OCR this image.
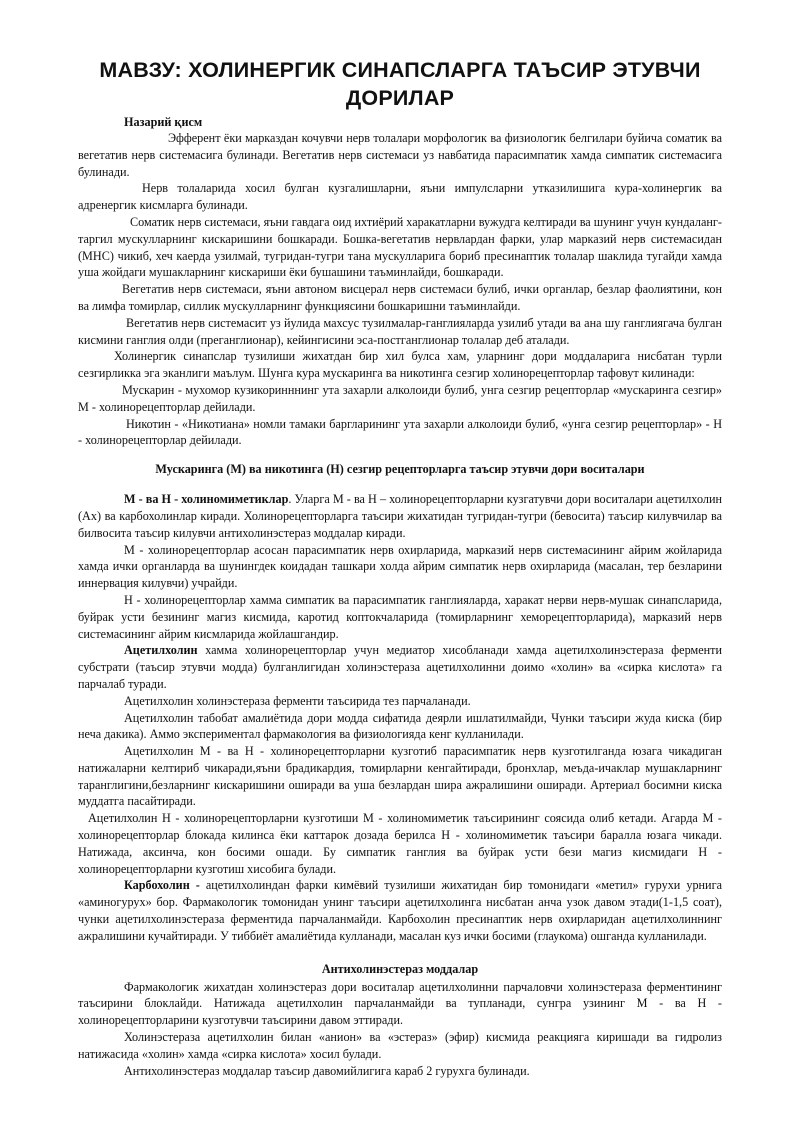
МАВЗУ: ХОЛИНЕРГИК СИНАПСЛАРГА ТАЪСИР ЭТУВЧИ ДОРИЛАР
Назарий қисм

Эфферент ёки марказдан кочувчи нерв толалари морфологик ва физиологик белгилари буйича соматик ва вегетатив нерв системасига булинади. Вегетатив нерв системаси уз навбатида парасимпатик хамда симпатик системасига булинади.

Нерв толаларида хосил булган кузгалишларни, яъни импулсларни утказилишига кура-холинергик ва адренергик кисмларга булинади.

Соматик нерв системаси, яъни гавдага оид ихтиёрий харакатларни вужудга келтиради ва шунинг учун кундаланг-таргил мускулларнинг кискаришини бошкаради. Бошка-вегетатив нервлардан фарки, улар марказий нерв системасидан (МНС) чикиб, хеч каерда узилмай, тугридан-тугри тана мускулларига бориб пресинаптик толалар шаклида тугайди хамда уша жойдаги мушакларнинг кискариши ёки бушашини таъминлайди, бошкаради.

Вегетатив нерв системаси, яъни автоном висцерал нерв системаси булиб, ички органлар, безлар фаолиятини, кон ва лимфа томирлар, силлик мускулларнинг функциясини бошкаришни таъминлайди.

Вегетатив нерв системасит уз йулида махсус тузилмалар-ганглияларда узилиб утади ва ана шу ганглиягача булган кисмини ганглия олди (преганглионар), кейингисини эса-постганглионар толалар деб аталади.

Холинергик синапслар тузилиши жихатдан бир хил булса хам, уларнинг дори моддаларига нисбатан турли сезгирликка эга эканлиги маълум. Шунга кура мускаринга ва никотинга сезгир холинорецепторлар тафовут килинади:

Мускарин - мухомор кузикоринннинг ута захарли алколоиди булиб, унга сезгир рецепторлар «мускаринга сезгир» М - холинорецепторлар дейилади.

Никотин - «Никотиана» номли тамаки баргларининг ута захарли алколоиди булиб, «унга сезгир рецепторлар» - Н - холинорецепторлар дейилади.

Мускаринга (М) ва никотинга (Н) сезгир рецепторларга таъсир этувчи дори воситалари

М - ва Н - холиномиметиклар. Уларга М - ва Н – холинорецепторларни кузгатувчи дори воситалари ацетилхолин (Ах) ва карбохолинлар киради. Холинорецепторларга таъсири жихатидан тугридан-тугри (бевосита) таъсир килувчилар ва билвосита таъсир килувчи антихолинэстераз моддалар киради.

М - холинорецепторлар асосан парасимпатик нерв охирларида, марказий нерв системасининг айрим жойларида хамда ички органларда ва шунингдек коидадан ташкари холда айрим симпатик нерв охирларида (масалан, тер безларини иннервация килувчи) учрайди.

Н - холинорецепторлар хамма симпатик ва парасимпатик ганглияларда, харакат нерви нерв-мушак синапсларида, буйрак усти безининг магиз кисмида, каротид коптокчаларида (томирларнинг хеморецепторларида), марказий нерв системасининг айрим кисмларида жойлашгандир.

Ацетилхолин хамма холинорецепторлар учун медиатор хисобланади хамда ацетилхолинэстераза ферменти субстрати (таъсир этувчи модда) булганлигидан холинэстераза ацетилхолинни доимо «холин» ва «сирка кислота» га парчалаб туради.

Ацетилхолин холинэстераза ферменти таъсирида тез парчаланади.

Ацетилхолин табобат амалиётида дори модда сифатида деярли ишлатилмайди, Чунки таъсири жуда киска (бир неча дакика). Аммо экспериментал фармакология ва физиологияда кенг кулланилади.

Ацетилхолин М - ва Н - холинорецепторларни кузготиб парасимпатик нерв кузготилганда юзага чикадиган натижаларни келтириб чикаради,яъни брадикардия, томирларни кенгайтиради, бронхлар, меъда-ичаклар мушакларнинг таранглигини,безларнинг кискаришини оширади ва уша безлардан шира ажралишини оширади. Артериал босимни киска муддатга пасайтиради.

Ацетилхолин Н - холинорецепторларни кузготиши М - холиномиметик таъсирининг соясида олиб кетади. Агарда М - холинорецепторлар блокада килинса ёки каттарок дозада берилса Н - холиномиметик таъсири баралла юзага чикади. Натижада, аксинча, кон босими ошади. Бу симпатик ганглия ва буйрак усти бези магиз кисмидаги Н - холинорецепторларни кузготиш хисобига булади.

Карбохолин - ацетилхолиндан фарки кимёвий тузилиши жихатидан бир томонидаги «метил» гурухи урнига «аминогурух» бор. Фармакологик томонидан унинг таъсири ацетилхолинга нисбатан анча узок давом этади(1-1,5 соат), чунки ацетилхолинэстераза ферментида парчаланмайди. Карбохолин пресинаптик нерв охирларидан ацетилхолиннинг ажралишини кучайтиради. У тиббиёт амалиётида кулланади, масалан куз ички босими (глаукома) ошганда кулланилади.

Антихолинэстераз моддалар

Фармакологик жихатдан холинэстераз дори воситалар ацетилхолинни парчаловчи холинэстераза ферментининг таъсирини блоклайди. Натижада ацетилхолин парчаланмайди ва тупланади, сунгра узининг М - ва Н - холинорецепторларини кузготувчи таъсирини давом эттиради.

Холинэстераза ацетилхолин билан «анион» ва «эстераз» (эфир) кисмида реакцияга киришади ва гидролиз натижасида «холин» хамда «сирка кислота» хосил булади.

Антихолинэстераз моддалар таъсир давомийлигига караб 2 гурухга булинади.
